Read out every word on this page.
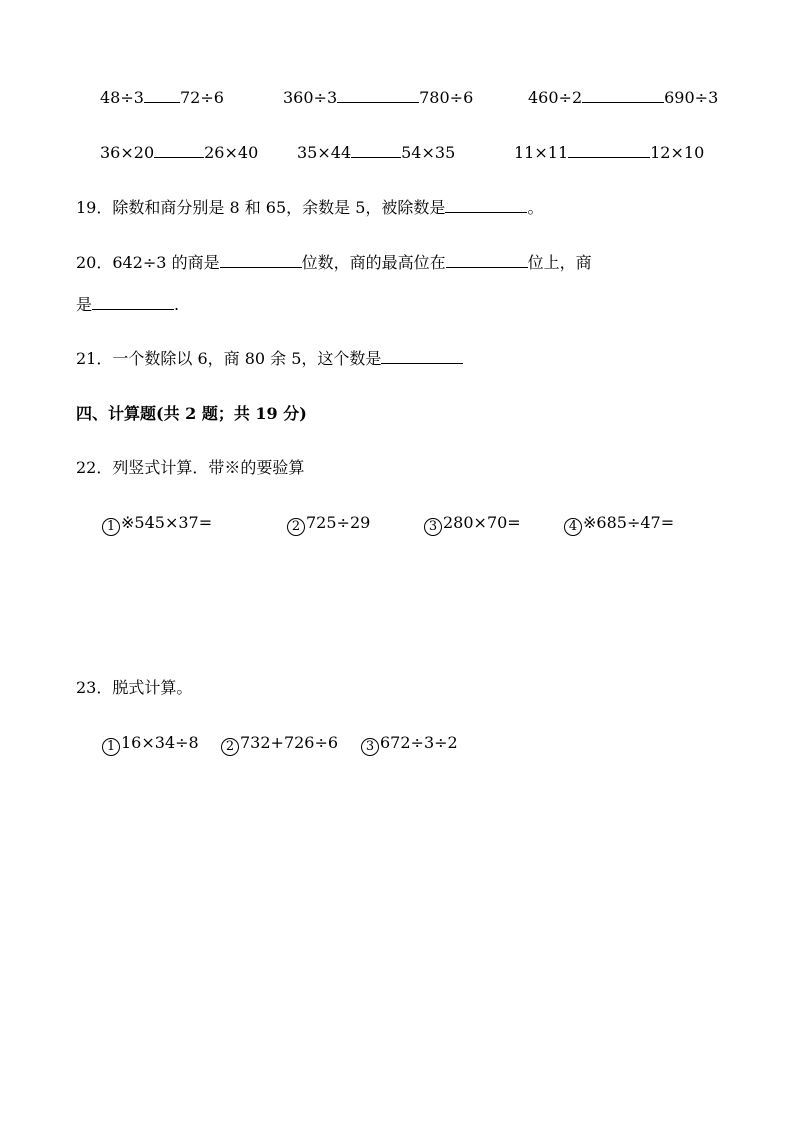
48÷3 72÷6	360÷3	780÷6	460÷2	690÷3
36×20	26×40 35×44	54×35	11×11	12×10
19．除数和商分别是 8 和 65，余数是 5，被除数是	。
20．642÷3 的商是	位数，商的最高位在	位上，商
是	.
21．一个数除以 6，商 80 余 5，这个数是
四、计算题(共 2 题；共 19 分)
22．列竖式计算．带※的要验算
1 ※545×37=	2 725÷29	3 280×70=	4 ※685÷47=
23．脱式计算。
1 16×34÷8	2 732+726÷6	3 672÷3÷2
